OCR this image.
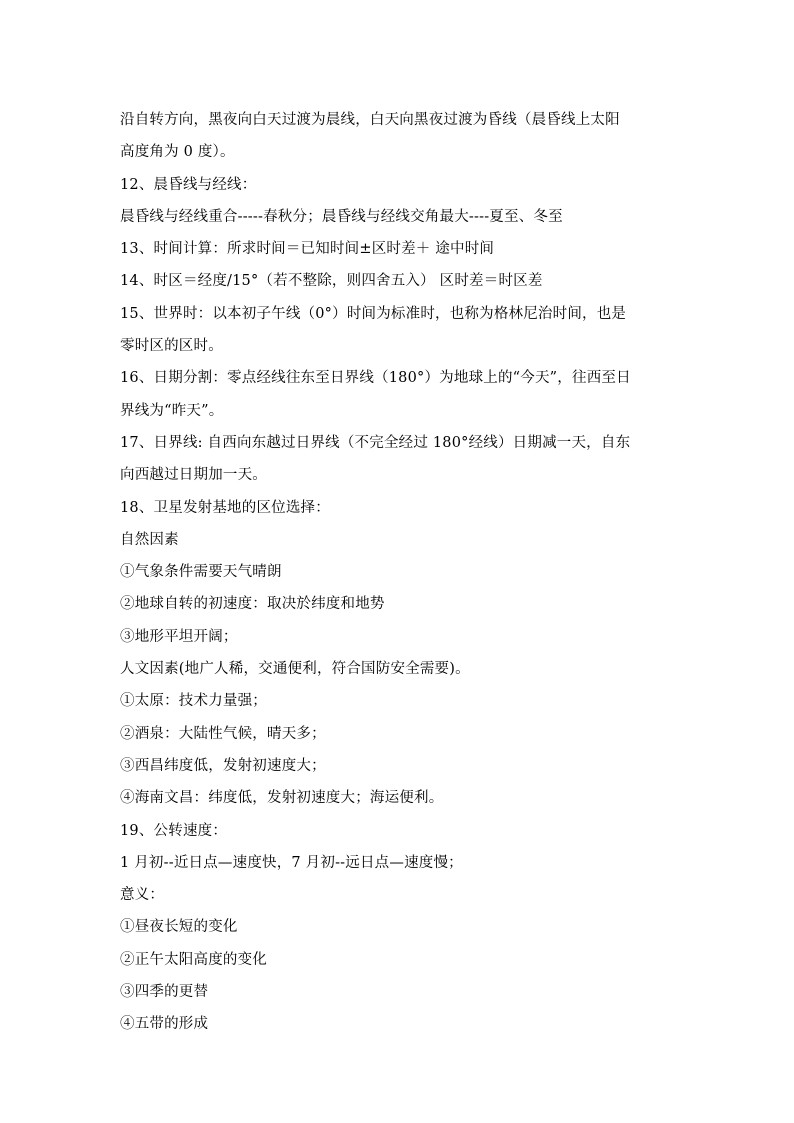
沿自转方向，黑夜向白天过渡为晨线，白天向黑夜过渡为昏线（晨昏线上太阳
高度角为 0 度）。
12、晨昏线与经线：
晨昏线与经线重合-----春秋分；晨昏线与经线交角最大----夏至、冬至
13、时间计算：所求时间＝已知时间±区时差＋ 途中时间
14、时区＝经度/15°（若不整除，则四舍五入） 区时差＝时区差
15、世界时：以本初子午线（0°）时间为标准时，也称为格林尼治时间，也是
零时区的区时。
16、日期分割：零点经线往东至日界线（180°）为地球上的“今天”，往西至日
界线为“昨天”。
17、日界线: 自西向东越过日界线（不完全经过 180°经线）日期减一天，自东
向西越过日期加一天。
18、卫星发射基地的区位选择：
自然因素
①气象条件需要天气晴朗
②地球自转的初速度：取决於纬度和地势
③地形平坦开阔；
人文因素(地广人稀，交通便利，符合国防安全需要)。
①太原：技术力量强；
②酒泉：大陆性气候，晴天多；
③西昌纬度低，发射初速度大；
④海南文昌：纬度低，发射初速度大；海运便利。
19、公转速度：
1 月初--近日点—速度快，7 月初--远日点—速度慢；
意义：
①昼夜长短的变化
②正午太阳高度的变化
③四季的更替
④五带的形成
